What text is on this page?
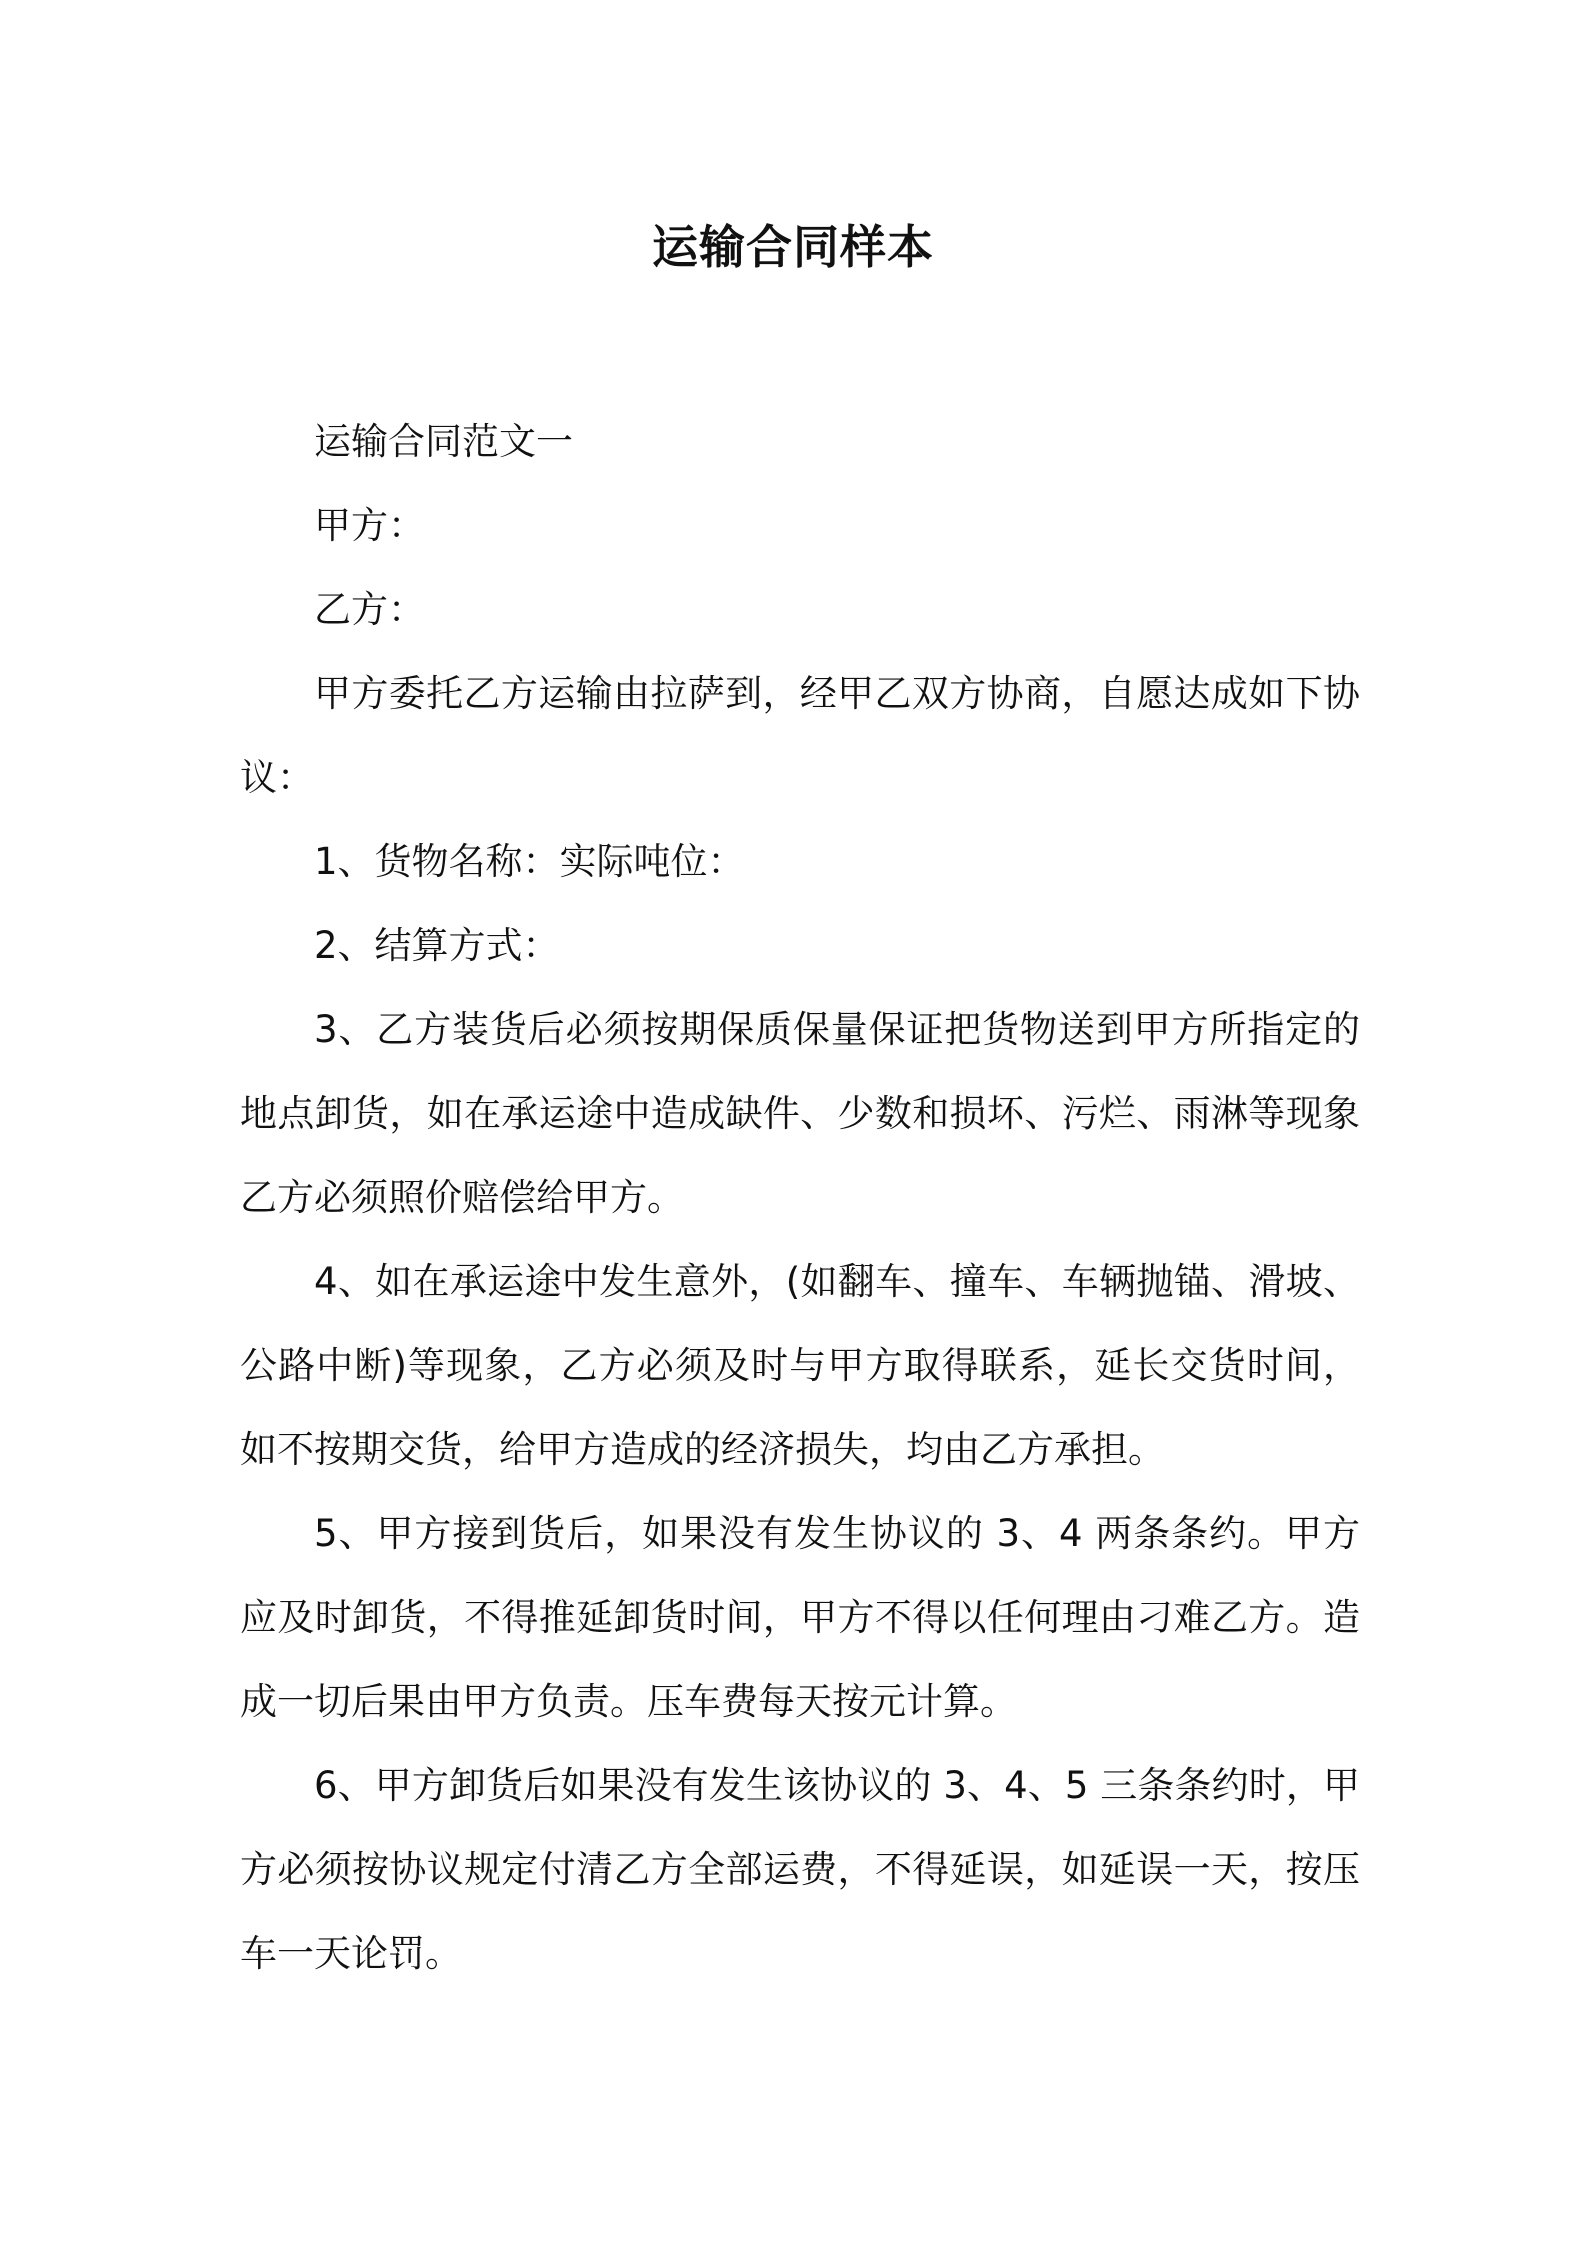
运输合同样本

运输合同范文一

甲方：

乙方：

甲方委托乙方运输由拉萨到，经甲乙双方协商，自愿达成如下协议：

1、货物名称：实际吨位：

2、结算方式：

3、乙方装货后必须按期保质保量保证把货物送到甲方所指定的地点卸货，如在承运途中造成缺件、少数和损坏、污烂、雨淋等现象乙方必须照价赔偿给甲方。

4、如在承运途中发生意外，(如翻车、撞车、车辆抛锚、滑坡、公路中断)等现象，乙方必须及时与甲方取得联系，延长交货时间，如不按期交货，给甲方造成的经济损失，均由乙方承担。

5、甲方接到货后，如果没有发生协议的 3、4 两条条约。甲方应及时卸货，不得推延卸货时间，甲方不得以任何理由刁难乙方。造成一切后果由甲方负责。压车费每天按元计算。

6、甲方卸货后如果没有发生该协议的 3、4、5 三条条约时，甲方必须按协议规定付清乙方全部运费，不得延误，如延误一天，按压车一天论罚。
